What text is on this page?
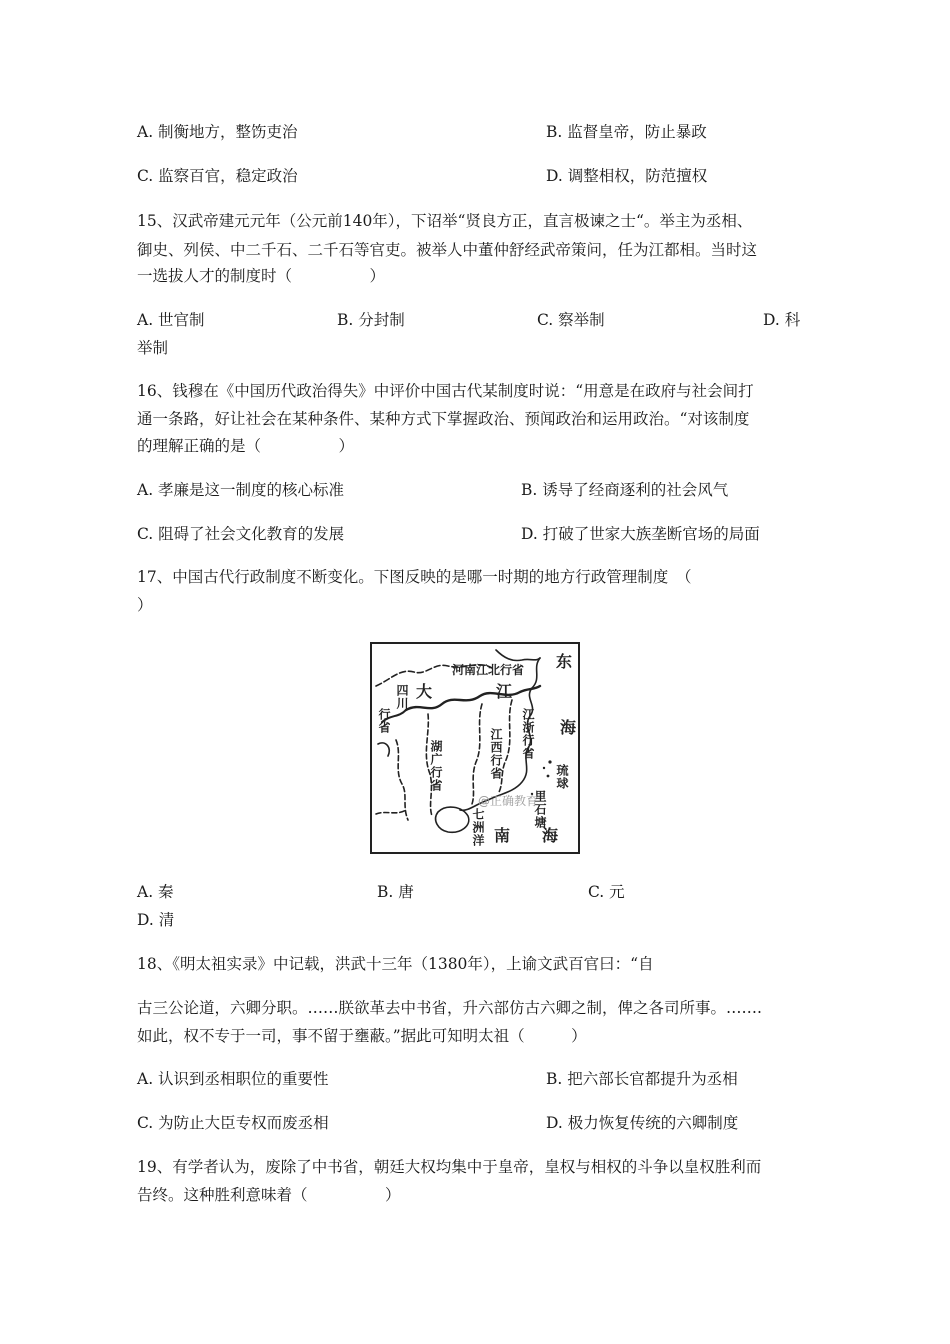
A. 制衡地方，整饬吏治	B. 监督皇帝，防止暴政
C. 监察百官，稳定政治	D. 调整相权，防范擅权
15、汉武帝建元元年（公元前140年），下诏举“贤良方正，直言极谏之士“。举主为丞相、
御史、列侯、中二千石、二千石等官吏。被举人中董仲舒经武帝策问，任为江都相。当时这
一选拔人才的制度时（　　　　　）
A. 世官制	B. 分封制	C. 察举制	D. 科
举制
16、钱穆在《中国历代政治得失》中评价中国古代某制度时说：“用意是在政府与社会间打
通一条路，好让社会在某种条件、某种方式下掌握政治、预闻政治和运用政治。“对该制度
的理解正确的是（　　　　　）
A. 孝廉是这一制度的核心标准	B. 诱导了经商逐利的社会风气
C. 阻碍了社会文化教育的发展	D. 打破了世家大族垄断官场的局面
17、中国古代行政制度不断变化。下图反映的是哪一时期的地方行政管理制度　（
）
东
海
河南江北行省
江
大
四川
行省	江浙行省
江西行省
湖广行省	琉球
里石塘
七洲洋 南 海
@正确教育
A. 秦	B. 唐	C. 元
D. 清
18、《明太祖实录》中记载，洪武十三年（1380年），上谕文武百官曰：“自
古三公论道，六卿分职。……朕欲革去中书省，升六部仿古六卿之制，俾之各司所事。…….
如此，权不专于一司，事不留于壅蔽。”据此可知明太祖（　　　）
A. 认识到丞相职位的重要性	B. 把六部长官都提升为丞相
C. 为防止大臣专权而废丞相	D. 极力恢复传统的六卿制度
19、有学者认为，废除了中书省，朝廷大权均集中于皇帝，皇权与相权的斗争以皇权胜利而
告终。这种胜利意味着（　　　　　）
